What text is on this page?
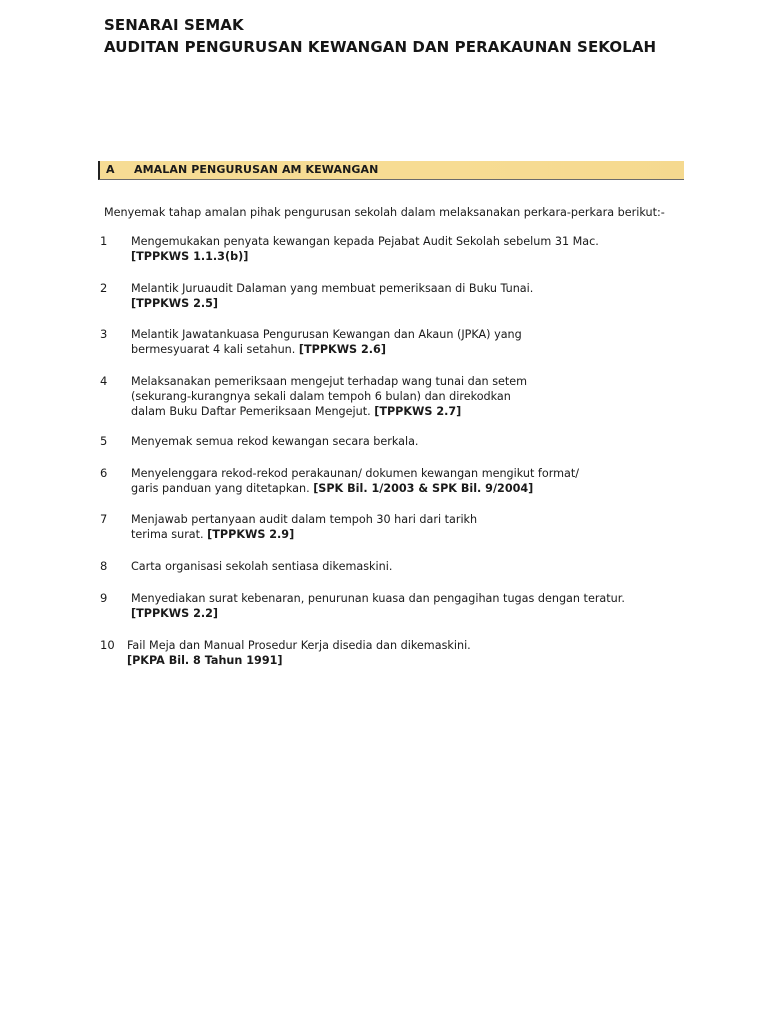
SENARAI SEMAK
AUDITAN PENGURUSAN KEWANGAN DAN PERAKAUNAN SEKOLAH
A AMALAN PENGURUSAN AM KEWANGAN
Menyemak tahap amalan pihak pengurusan sekolah dalam melaksanakan perkara-perkara berikut:-
1	Mengemukakan penyata kewangan kepada Pejabat Audit Sekolah sebelum 31 Mac.
[TPPKWS 1.1.3(b)]
2	Melantik Juruaudit Dalaman yang membuat pemeriksaan di Buku Tunai.
[TPPKWS 2.5]
3	Melantik Jawatankuasa Pengurusan Kewangan dan Akaun (JPKA) yang
bermesyuarat 4 kali setahun. [TPPKWS 2.6]
4	Melaksanakan pemeriksaan mengejut terhadap wang tunai dan setem
(sekurang-kurangnya sekali dalam tempoh 6 bulan) dan direkodkan
dalam Buku Daftar Pemeriksaan Mengejut. [TPPKWS 2.7]
5	Menyemak semua rekod kewangan secara berkala.
6	Menyelenggara rekod-rekod perakaunan/ dokumen kewangan mengikut format/
garis panduan yang ditetapkan. [SPK Bil. 1/2003 & SPK Bil. 9/2004]
7	Menjawab pertanyaan audit dalam tempoh 30 hari dari tarikh
terima surat. [TPPKWS 2.9]
8	Carta organisasi sekolah sentiasa dikemaskini.
9	Menyediakan surat kebenaran, penurunan kuasa dan pengagihan tugas dengan teratur.
[TPPKWS 2.2]
10	Fail Meja dan Manual Prosedur Kerja disedia dan dikemaskini.
[PKPA Bil. 8 Tahun 1991]
